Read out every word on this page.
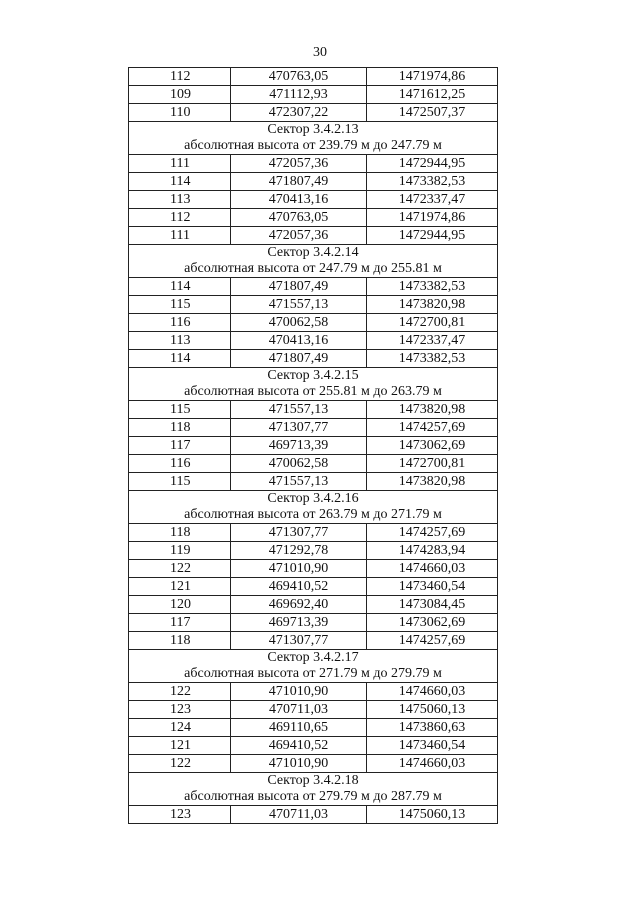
30
112	470763,05	1471974,86
109	471112,93	1471612,25
110	472307,22	1472507,37

Сектор 3.4.2.13
абсолютная высота от 239.79 м до 247.79 м		

111	472057,36	1472944,95
114	471807,49	1473382,53
113	470413,16	1472337,47
112	470763,05	1471974,86
111	472057,36	1472944,95

Сектор 3.4.2.14
абсолютная высота от 247.79 м до 255.81 м		

114	471807,49	1473382,53
115	471557,13	1473820,98
116	470062,58	1472700,81
113	470413,16	1472337,47
114	471807,49	1473382,53

Сектор 3.4.2.15
абсолютная высота от 255.81 м до 263.79 м		

115	471557,13	1473820,98
118	471307,77	1474257,69
117	469713,39	1473062,69
116	470062,58	1472700,81
115	471557,13	1473820,98

Сектор 3.4.2.16
абсолютная высота от 263.79 м до 271.79 м		

118	471307,77	1474257,69
119	471292,78	1474283,94
122	471010,90	1474660,03
121	469410,52	1473460,54
120	469692,40	1473084,45
117	469713,39	1473062,69
118	471307,77	1474257,69

Сектор 3.4.2.17
абсолютная высота от 271.79 м до 279.79 м		

122	471010,90	1474660,03
123	470711,03	1475060,13
124	469110,65	1473860,63
121	469410,52	1473460,54
122	471010,90	1474660,03

Сектор 3.4.2.18
абсолютная высота от 279.79 м до 287.79 м		

123	470711,03	1475060,13
